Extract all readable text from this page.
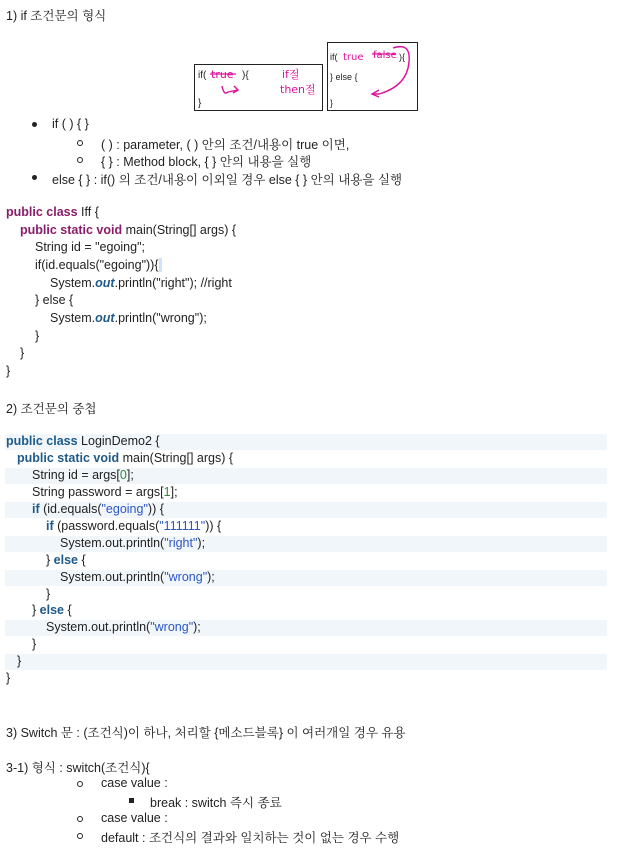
1) if 조건문의 형식
if( true ){
}
if절
then절
if( true false ){
} else {
}
if ( ) { }
( ) : parameter, ( ) 안의 조건/내용이 true 이면,
{ } : Method block, { } 안의 내용을 실행
else { } : if() 의 조건/내용이 이외일 경우 else { } 안의 내용을 실행
public class Iff {
public static void main(String[] args) {
String id = "egoing";
if(id.equals("egoing")){
System.out.println("right"); //right
} else {
System.out.println("wrong");
}
}
}
2) 조건문의 중첩
public class LoginDemo2 {
public static void main(String[] args) {
String id = args[0];
String password = args[1];
if (id.equals("egoing")) {
if (password.equals("111111")) {
System.out.println("right");
} else {
System.out.println("wrong");
}
} else {
System.out.println("wrong");
}
}
}
3) Switch 문 : (조건식)이 하나, 처리할 {메소드블록} 이 여러개일 경우 유용
3-1) 형식 : switch(조건식){
case value :
break : switch 즉시 종료
case value :
default : 조건식의 결과와 일치하는 것이 없는 경우 수행
